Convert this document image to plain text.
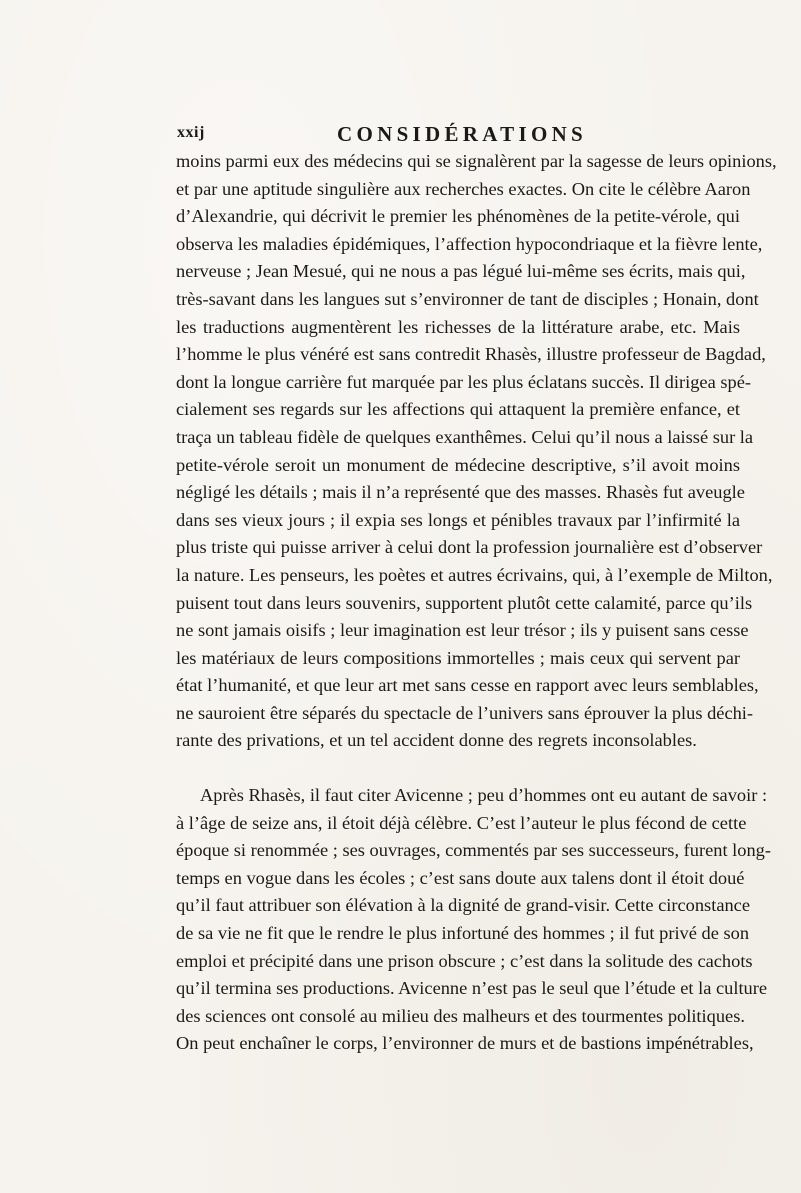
xxij	CONSIDÉRATIONS
moins parmi eux des médecins qui se signalèrent par la sagesse de leurs opinions,
et par une aptitude singulière aux recherches exactes. On cite le célèbre Aaron
d’Alexandrie, qui décrivit le premier les phénomènes de la petite-vérole, qui
observa les maladies épidémiques, l’affection hypocondriaque et la fièvre lente,
nerveuse ; Jean Mesué, qui ne nous a pas légué lui-même ses écrits, mais qui,
très-savant dans les langues sut s’environner de tant de disciples ; Honain, dont
les traductions augmentèrent les richesses de la littérature arabe, etc. Mais
l’homme le plus vénéré est sans contredit Rhasès, illustre professeur de Bagdad,
dont la longue carrière fut marquée par les plus éclatans succès. Il dirigea spé-
cialement ses regards sur les affections qui attaquent la première enfance, et
traça un tableau fidèle de quelques exanthêmes. Celui qu’il nous a laissé sur la
petite-vérole seroit un monument de médecine descriptive, s’il avoit moins
négligé les détails ; mais il n’a représenté que des masses. Rhasès fut aveugle
dans ses vieux jours ; il expia ses longs et pénibles travaux par l’infirmité la
plus triste qui puisse arriver à celui dont la profession journalière est d’observer
la nature. Les penseurs, les poètes et autres écrivains, qui, à l’exemple de Milton,
puisent tout dans leurs souvenirs, supportent plutôt cette calamité, parce qu’ils
ne sont jamais oisifs ; leur imagination est leur trésor ; ils y puisent sans cesse
les matériaux de leurs compositions immortelles ; mais ceux qui servent par
état l’humanité, et que leur art met sans cesse en rapport avec leurs semblables,
ne sauroient être séparés du spectacle de l’univers sans éprouver la plus déchi-
rante des privations, et un tel accident donne des regrets inconsolables.
Après Rhasès, il faut citer Avicenne ; peu d’hommes ont eu autant de savoir :
à l’âge de seize ans, il étoit déjà célèbre. C’est l’auteur le plus fécond de cette
époque si renommée ; ses ouvrages, commentés par ses successeurs, furent long-
temps en vogue dans les écoles ; c’est sans doute aux talens dont il étoit doué
qu’il faut attribuer son élévation à la dignité de grand-visir. Cette circonstance
de sa vie ne fit que le rendre le plus infortuné des hommes ; il fut privé de son
emploi et précipité dans une prison obscure ; c’est dans la solitude des cachots
qu’il termina ses productions. Avicenne n’est pas le seul que l’étude et la culture
des sciences ont consolé au milieu des malheurs et des tourmentes politiques.
On peut enchaîner le corps, l’environner de murs et de bastions impénétrables,
